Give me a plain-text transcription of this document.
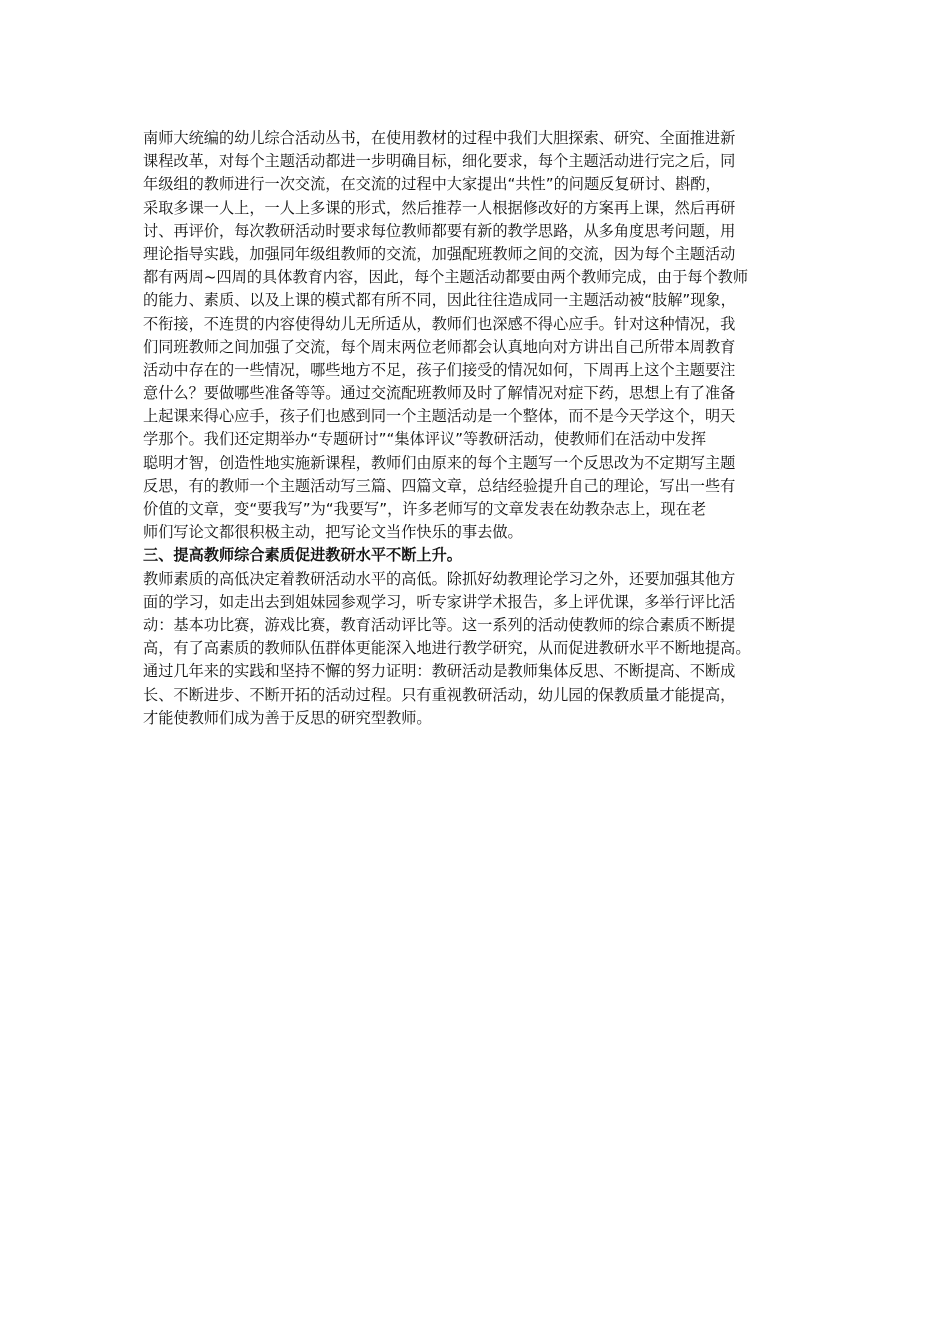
南师大统编的幼儿综合活动丛书，在使用教材的过程中我们大胆探索、研究、全面推进新
课程改革，对每个主题活动都进一步明确目标，细化要求，每个主题活动进行完之后，同
年级组的教师进行一次交流，在交流的过程中大家提出“共性”的问题反复研讨、斟酌，
采取多课一人上，一人上多课的形式，然后推荐一人根据修改好的方案再上课，然后再研
讨、再评价，每次教研活动时要求每位教师都要有新的教学思路，从多角度思考问题，用
理论指导实践，加强同年级组教师的交流，加强配班教师之间的交流，因为每个主题活动
都有两周~四周的具体教育内容，因此，每个主题活动都要由两个教师完成，由于每个教师
的能力、素质、以及上课的模式都有所不同，因此往往造成同一主题活动被“肢解”现象，
不衔接，不连贯的内容使得幼儿无所适从，教师们也深感不得心应手。针对这种情况，我
们同班教师之间加强了交流，每个周末两位老师都会认真地向对方讲出自己所带本周教育
活动中存在的一些情况，哪些地方不足，孩子们接受的情况如何，下周再上这个主题要注
意什么？要做哪些准备等等。通过交流配班教师及时了解情况对症下药，思想上有了准备
上起课来得心应手，孩子们也感到同一个主题活动是一个整体，而不是今天学这个，明天
学那个。我们还定期举办“专题研讨”“集体评议”等教研活动，使教师们在活动中发挥
聪明才智，创造性地实施新课程，教师们由原来的每个主题写一个反思改为不定期写主题
反思，有的教师一个主题活动写三篇、四篇文章，总结经验提升自己的理论，写出一些有
价值的文章，变“要我写”为“我要写”，许多老师写的文章发表在幼教杂志上，现在老
师们写论文都很积极主动，把写论文当作快乐的事去做。
三、提高教师综合素质促进教研水平不断上升。
教师素质的高低决定着教研活动水平的高低。除抓好幼教理论学习之外，还要加强其他方
面的学习，如走出去到姐妹园参观学习，听专家讲学术报告，多上评优课，多举行评比活
动：基本功比赛，游戏比赛，教育活动评比等。这一系列的活动使教师的综合素质不断提
高，有了高素质的教师队伍群体更能深入地进行教学研究，从而促进教研水平不断地提高。
通过几年来的实践和坚持不懈的努力证明：教研活动是教师集体反思、不断提高、不断成
长、不断进步、不断开拓的活动过程。只有重视教研活动，幼儿园的保教质量才能提高，
才能使教师们成为善于反思的研究型教师。
